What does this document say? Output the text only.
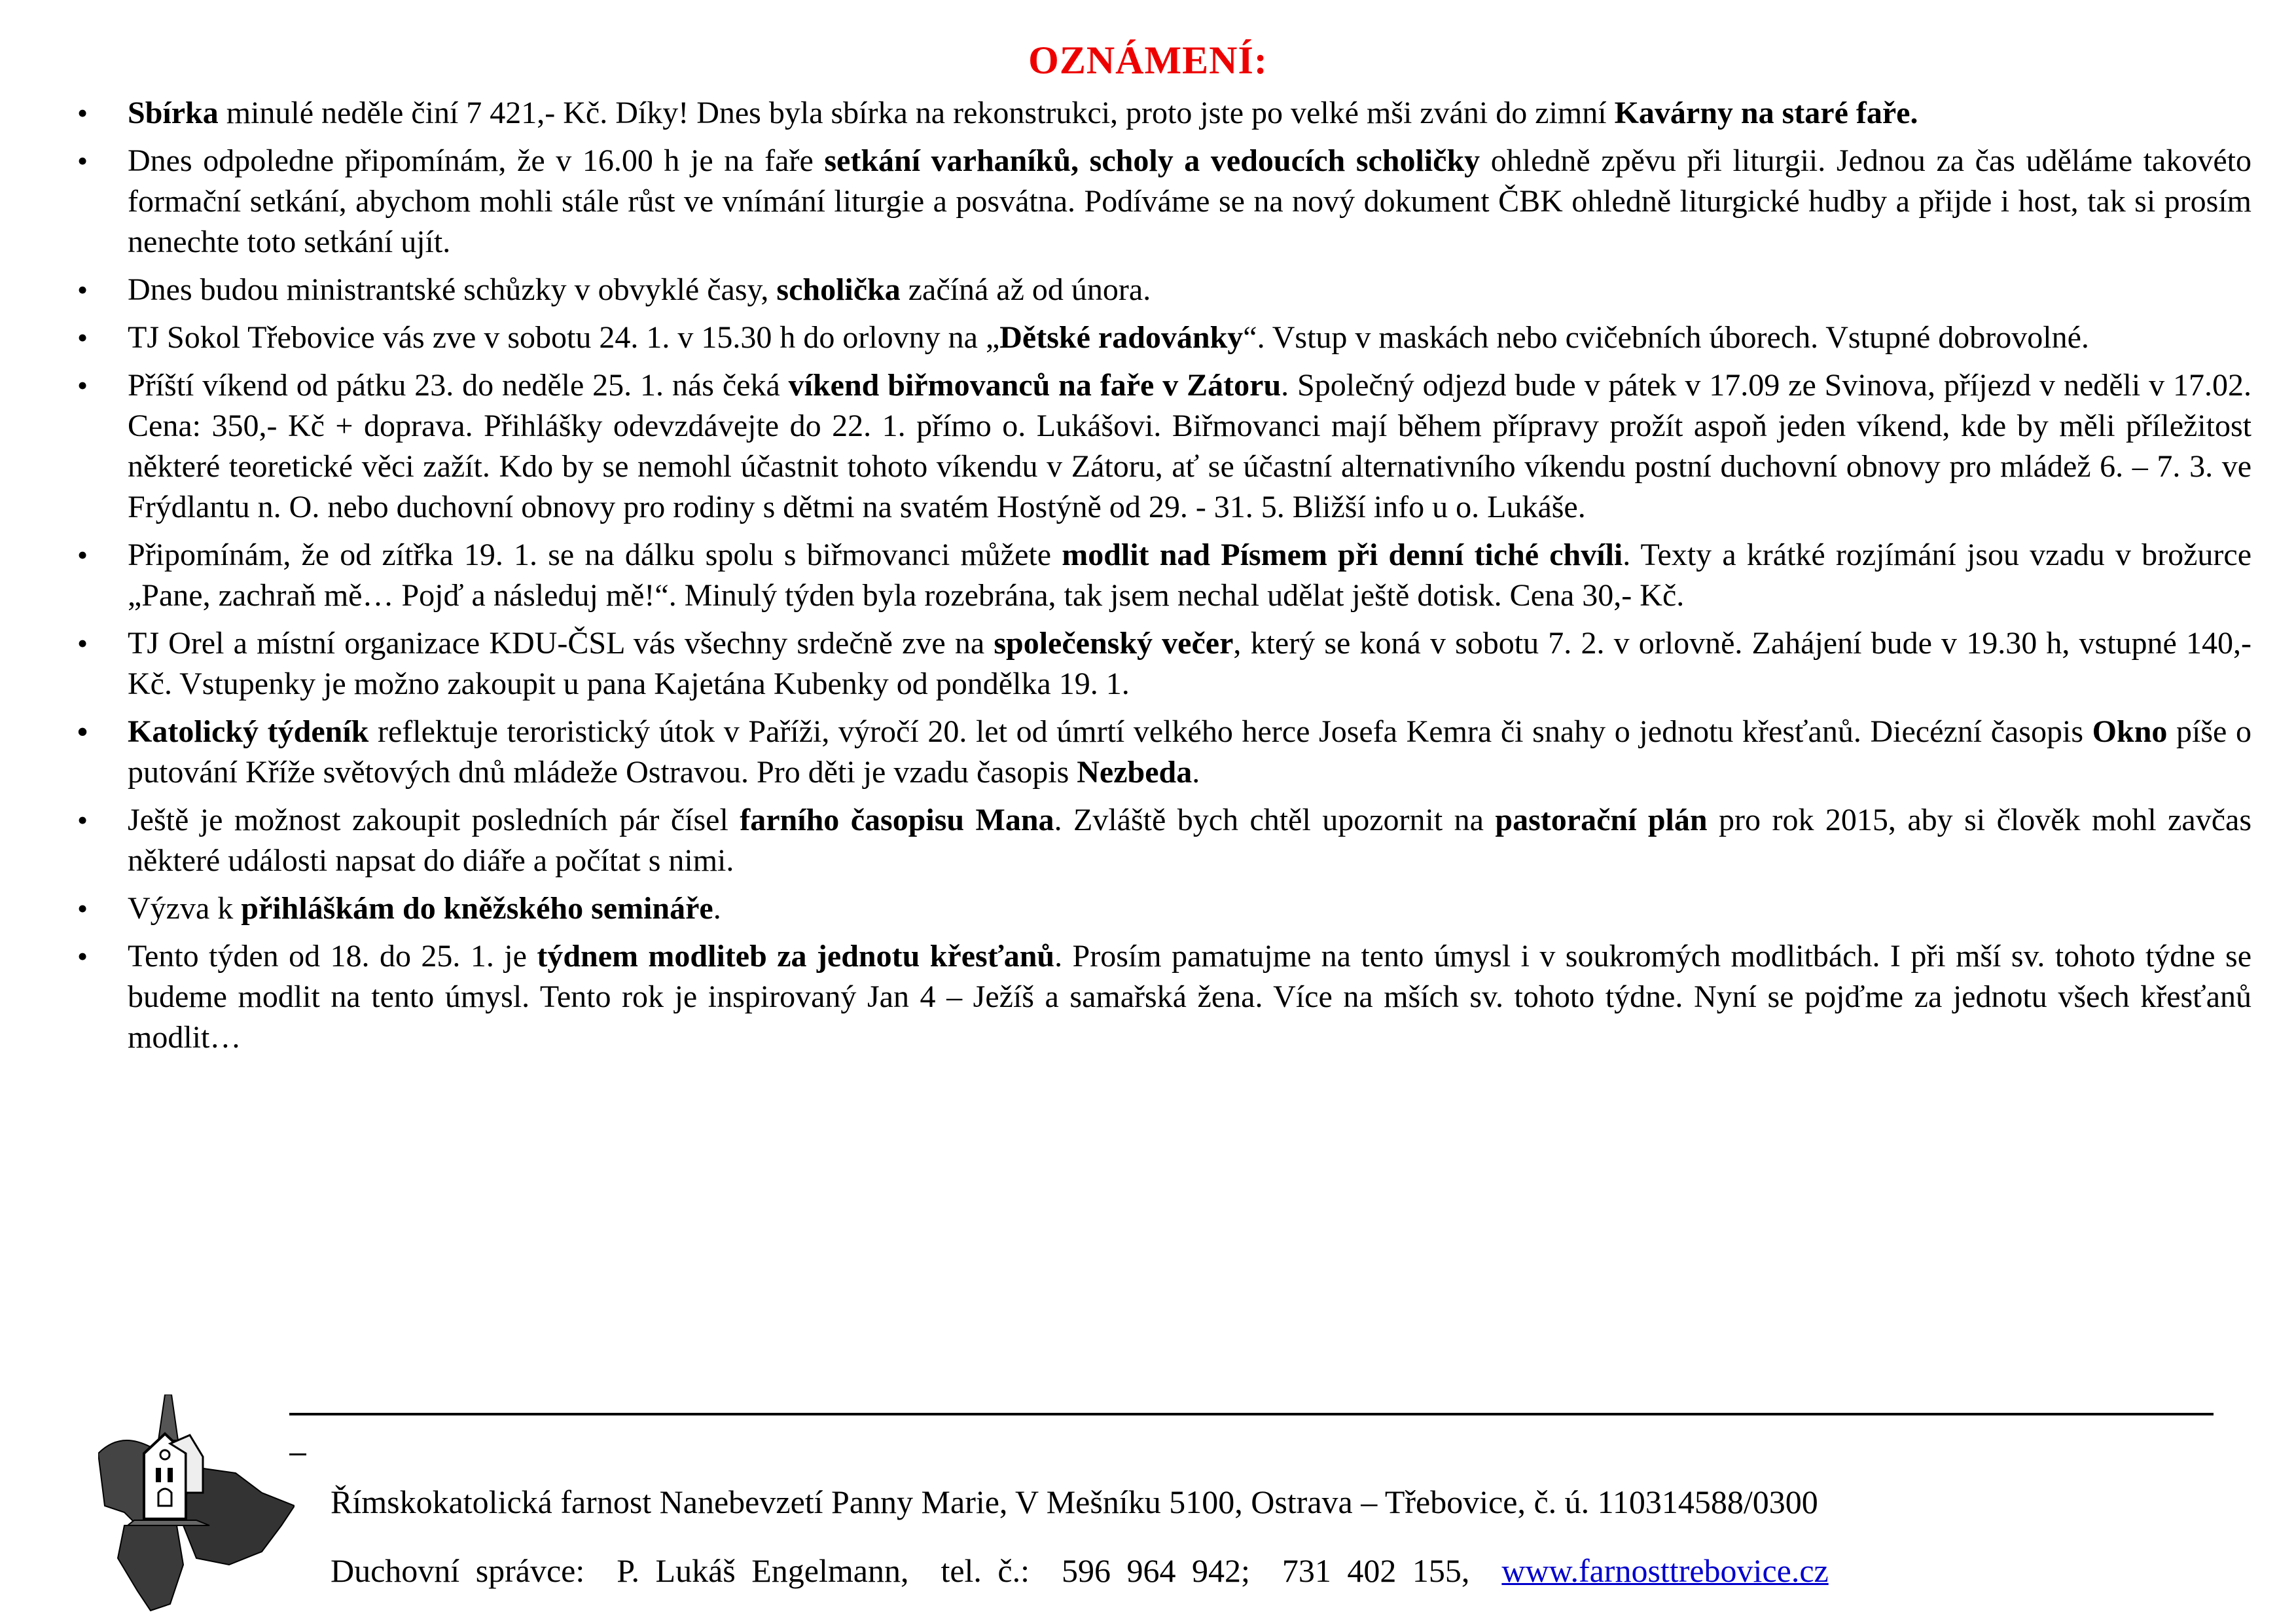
OZNÁMENÍ:
• Sbírka minulé neděle činí 7 421,- Kč. Díky! Dnes byla sbírka na rekonstrukci, proto jste po velké mši zváni do zimní Kavárny na staré faře.
• Dnes odpoledne připomínám, že v 16.00 h je na faře setkání varhaníků, scholy a vedoucích scholičky ohledně zpěvu při liturgii. Jednou za čas uděláme takovéto formační setkání, abychom mohli stále růst ve vnímání liturgie a posvátna. Podíváme se na nový dokument ČBK ohledně liturgické hudby a přijde i host, tak si prosím nenechte toto setkání ujít.
• Dnes budou ministrantské schůzky v obvyklé časy, scholička začíná až od února.
• TJ Sokol Třebovice vás zve v sobotu 24. 1. v 15.30 h do orlovny na „Dětské radovánky“. Vstup v maskách nebo cvičebních úborech. Vstupné dobrovolné.
• Příští víkend od pátku 23. do neděle 25. 1. nás čeká víkend biřmovanců na faře v Zátoru. Společný odjezd bude v pátek v 17.09 ze Svinova, příjezd v neděli v 17.02. Cena: 350,- Kč + doprava. Přihlášky odevzdávejte do 22. 1. přímo o. Lukášovi. Biřmovanci mají během přípravy prožít aspoň jeden víkend, kde by měli příležitost některé teoretické věci zažít. Kdo by se nemohl účastnit tohoto víkendu v Zátoru, ať se účastní alternativního víkendu postní duchovní obnovy pro mládež 6. – 7. 3. ve Frýdlantu n. O. nebo duchovní obnovy pro rodiny s dětmi na svatém Hostýně od 29. - 31. 5. Bližší info u o. Lukáše.
• Připomínám, že od zítřka 19. 1. se na dálku spolu s biřmovanci můžete modlit nad Písmem při denní tiché chvíli. Texty a krátké rozjímání jsou vzadu v brožurce „Pane, zachraň mě… Pojď a následuj mě!“. Minulý týden byla rozebrána, tak jsem nechal udělat ještě dotisk. Cena 30,- Kč.
• TJ Orel a místní organizace KDU-ČSL vás všechny srdečně zve na společenský večer, který se koná v sobotu 7. 2. v orlovně. Zahájení bude v 19.30 h, vstupné 140,- Kč. Vstupenky je možno zakoupit u pana Kajetána Kubenky od pondělka 19. 1.
• Katolický týdeník reflektuje teroristický útok v Paříži, výročí 20. let od úmrtí velkého herce Josefa Kemra či snahy o jednotu křesťanů. Diecézní časopis Okno píše o putování Kříže světových dnů mládeže Ostravou. Pro děti je vzadu časopis Nezbeda.
• Ještě je možnost zakoupit posledních pár čísel farního časopisu Mana. Zvláště bych chtěl upozornit na pastorační plán pro rok 2015, aby si člověk mohl zavčas některé události napsat do diáře a počítat s nimi.
• Výzva k přihláškám do kněžského semináře.
• Tento týden od 18. do 25. 1. je týdnem modliteb za jednotu křesťanů. Prosím pamatujme na tento úmysl i v soukromých modlitbách. I při mší sv. tohoto týdne se budeme modlit na tento úmysl. Tento rok je inspirovaný Jan 4 – Ježíš a samařská žena. Více na mších sv. tohoto týdne. Nyní se pojďme za jednotu všech křesťanů modlit…
Římskokatolická farnost Nanebevzetí Panny Marie, V Mešníku 5100, Ostrava – Třebovice, č. ú. 110314588/0300
Duchovní správce:  P. Lukáš Engelmann,  tel. č.:  596 964 942;  731 402 155,  www.farnosttrebovice.cz
